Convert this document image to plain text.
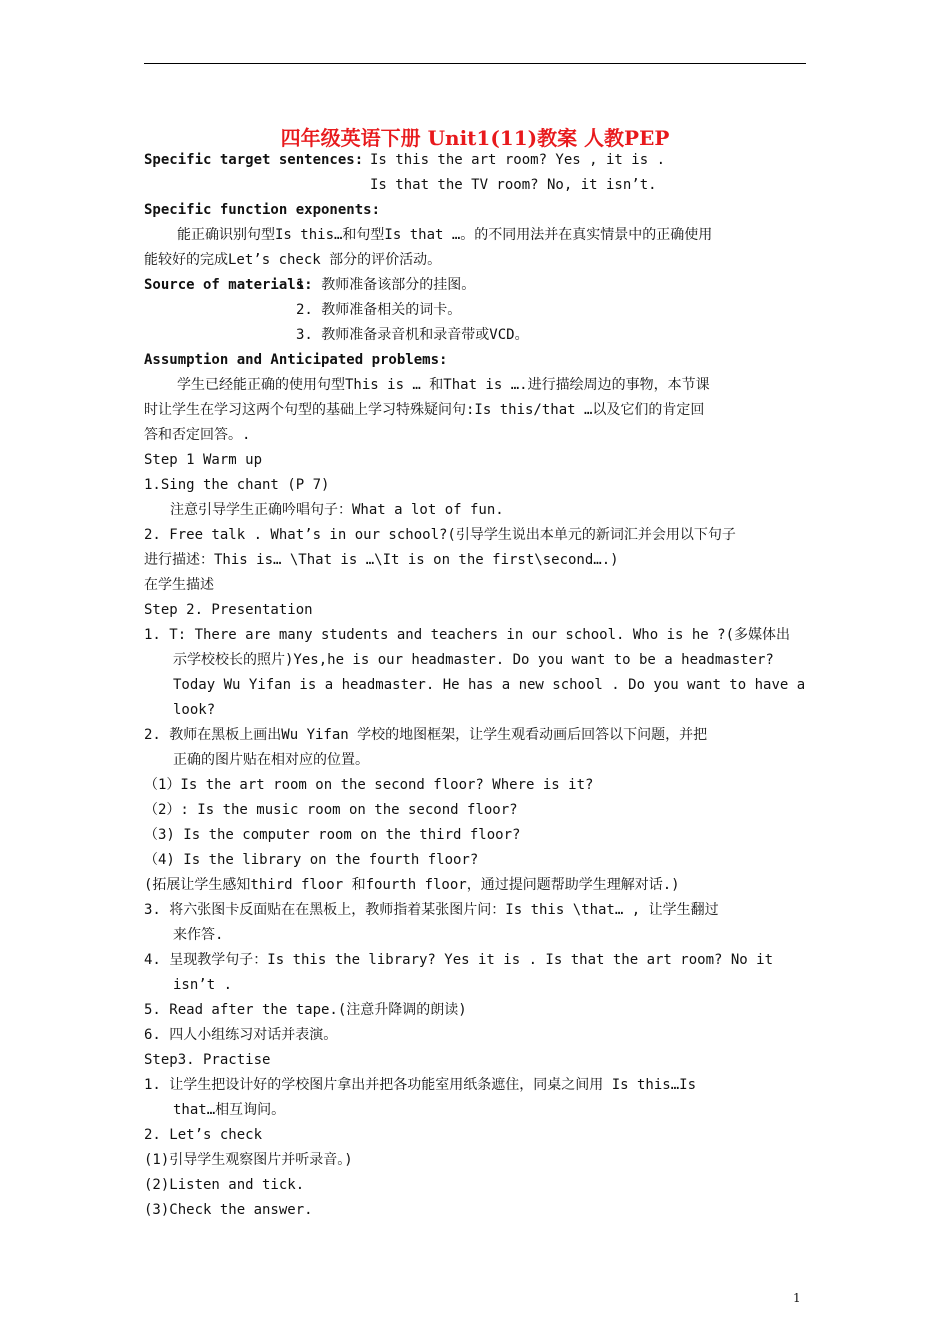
四年级英语下册 Unit1(11)教案 人教PEP
Specific target sentences: Is this the art room? Yes , it is .
Is that the TV room? No, it isn’t.
Specific function exponents:
能正确识别句型Is this…和句型Is that …。的不同用法并在真实情景中的正确使用
能较好的完成Let’s check 部分的评价活动。
Source of materials:
1. 教师准备该部分的挂图。
2. 教师准备相关的词卡。
3. 教师准备录音机和录音带或VCD。
Assumption and Anticipated problems:
学生已经能正确的使用句型This is … 和That is ….进行描绘周边的事物，本节课
时让学生在学习这两个句型的基础上学习特殊疑问句:Is this/that …以及它们的肯定回
答和否定回答。.
Step 1 Warm up
1.Sing the chant (P 7)
注意引导学生正确吟唱句子：What a lot of fun.
2. Free talk . What’s in our school?(引导学生说出本单元的新词汇并会用以下句子
进行描述：This is… \That is …\It is on the first\second….)
在学生描述
Step 2. Presentation
1. T: There are many students and teachers in our school. Who is he ?(多媒体出
示学校校长的照片)Yes,he is our headmaster. Do you want to be a headmaster?
Today Wu Yifan is a headmaster. He has a new school . Do you want to have a
look?
2. 教师在黑板上画出Wu Yifan 学校的地图框架，让学生观看动画后回答以下问题，并把
正确的图片贴在相对应的位置。
（1）Is the art room on the second floor? Where is it?
（2）: Is the music room on the second floor?
（3) Is the computer room on the third floor?
（4) Is the library on the fourth floor?
(拓展让学生感知third floor 和fourth floor，通过提问题帮助学生理解对话.)
3. 将六张图卡反面贴在在黑板上，教师指着某张图片问：Is this \that… , 让学生翻过
来作答.
4. 呈现教学句子：Is this the library? Yes it is . Is that the art room? No it
isn’t .
5. Read after the tape.(注意升降调的朗读)
6. 四人小组练习对话并表演。
Step3. Practise
1. 让学生把设计好的学校图片拿出并把各功能室用纸条遮住，同桌之间用 Is this…Is
that…相互询问。
2. Let’s check
(1)引导学生观察图片并听录音。)
(2)Listen and tick.
(3)Check the answer.
1
